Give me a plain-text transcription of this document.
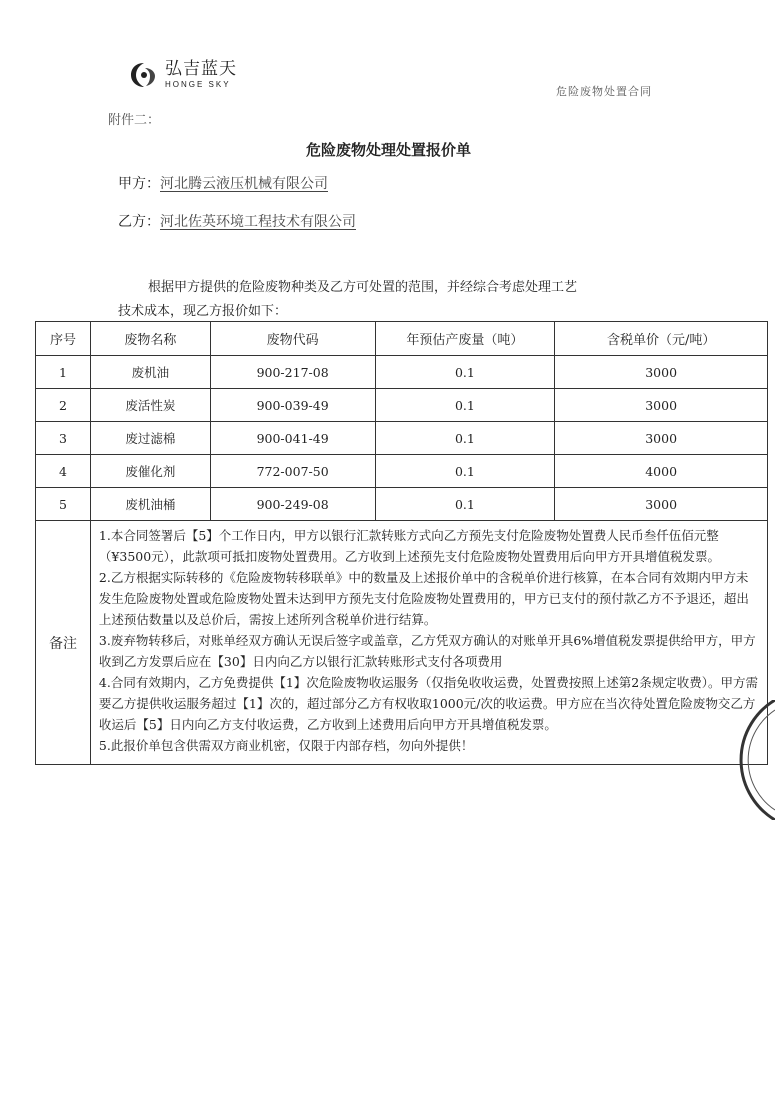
弘吉蓝天
HONGE SKY
危险废物处置合同
附件二：
危险废物处理处置报价单
甲方：河北腾云液压机械有限公司
乙方：河北佐英环境工程技术有限公司
根据甲方提供的危险废物种类及乙方可处置的范围，并经综合考虑处理工艺
技术成本，现乙方报价如下：
序号	废物名称	废物代码	年预估产废量（吨）	含税单价（元/吨）
1	废机油	900-217-08	0.1	3000
2	废活性炭	900-039-49	0.1	3000
3	废过滤棉	900-041-49	0.1	3000
4	废催化剂	772-007-50	0.1	4000
5	废机油桶	900-249-08	0.1	3000
备注	1.本合同签署后【5】个工作日内，甲方以银行汇款转账方式向乙方预先支付危险废物处置费人民币叁仟伍佰元整（¥3500元），此款项可抵扣废物处置费用。乙方收到上述预先支付危险废物处置费用后向甲方开具增值税发票。

2.乙方根据实际转移的《危险废物转移联单》中的数量及上述报价单中的含税单价进行核算，在本合同有效期内甲方未发生危险废物处置或危险废物处置未达到甲方预先支付危险废物处置费用的，甲方已支付的预付款乙方不予退还，超出上述预估数量以及总价后，需按上述所列含税单价进行结算。

3.废弃物转移后，对账单经双方确认无误后签字或盖章，乙方凭双方确认的对账单开具6%增值税发票提供给甲方，甲方收到乙方发票后应在【30】日内向乙方以银行汇款转账形式支付各项费用

4.合同有效期内，乙方免费提供【1】次危险废物收运服务（仅指免收收运费，处置费按照上述第2条规定收费）。甲方需要乙方提供收运服务超过【1】次的，超过部分乙方有权收取1000元/次的收运费。甲方应在当次待处置危险废物交乙方收运后【5】日内向乙方支付收运费，乙方收到上述费用后向甲方开具增值税发票。

5.此报价单包含供需双方商业机密，仅限于内部存档，勿向外提供！			
